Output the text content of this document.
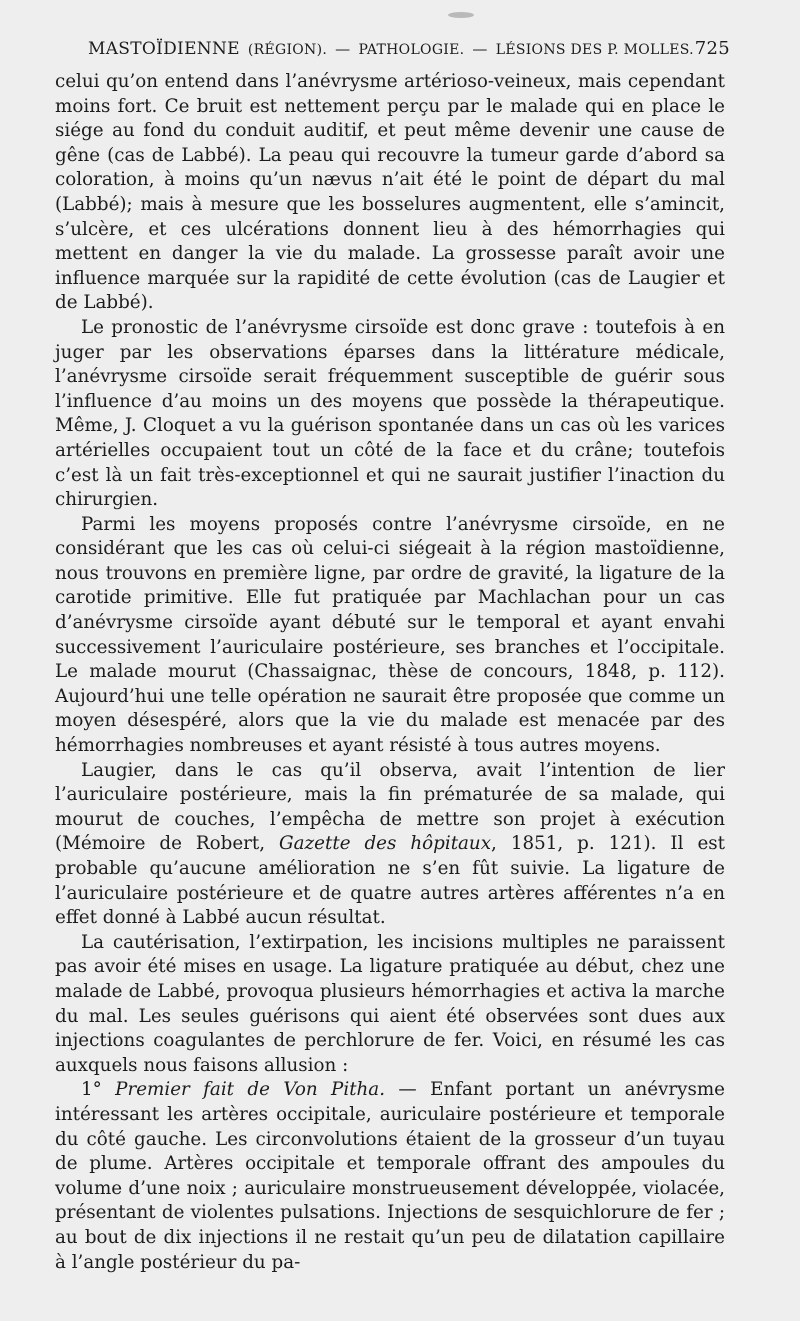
MASTOÏDIENNE (RÉGION). — PATHOLOGIE. — LÉSIONS DES P. MOLLES. 725

celui qu’on entend dans l’anévrysme artérioso-veineux, mais cependant moins fort. Ce bruit est nettement perçu par le malade qui en place le siége au fond du conduit auditif, et peut même devenir une cause de gêne (cas de Labbé). La peau qui recouvre la tumeur garde d’abord sa coloration, à moins qu’un nævus n’ait été le point de départ du mal (Labbé); mais à mesure que les bosselures augmentent, elle s’amincit, s’ulcère, et ces ulcérations donnent lieu à des hémorrhagies qui mettent en danger la vie du malade. La grossesse paraît avoir une influence marquée sur la rapidité de cette évolution (cas de Laugier et de Labbé).

Le pronostic de l’anévrysme cirsoïde est donc grave : toutefois à en juger par les observations éparses dans la littérature médicale, l’anévrysme cirsoïde serait fréquemment susceptible de guérir sous l’influence d’au moins un des moyens que possède la thérapeutique. Même, J. Cloquet a vu la guérison spontanée dans un cas où les varices artérielles occupaient tout un côté de la face et du crâne; toutefois c’est là un fait très-exceptionnel et qui ne saurait justifier l’inaction du chirurgien.

Parmi les moyens proposés contre l’anévrysme cirsoïde, en ne considérant que les cas où celui-ci siégeait à la région mastoïdienne, nous trouvons en première ligne, par ordre de gravité, la ligature de la carotide primitive. Elle fut pratiquée par Machlachan pour un cas d’anévrysme cirsoïde ayant débuté sur le temporal et ayant envahi successivement l’auriculaire postérieure, ses branches et l’occipitale. Le malade mourut (Chassaignac, thèse de concours, 1848, p. 112). Aujourd’hui une telle opération ne saurait être proposée que comme un moyen désespéré, alors que la vie du malade est menacée par des hémorrhagies nombreuses et ayant résisté à tous autres moyens.

Laugier, dans le cas qu’il observa, avait l’intention de lier l’auriculaire postérieure, mais la fin prématurée de sa malade, qui mourut de couches, l’empêcha de mettre son projet à exécution (Mémoire de Robert, Gazette des hôpitaux, 1851, p. 121). Il est probable qu’aucune amélioration ne s’en fût suivie. La ligature de l’auriculaire postérieure et de quatre autres artères afférentes n’a en effet donné à Labbé aucun résultat.

La cautérisation, l’extirpation, les incisions multiples ne paraissent pas avoir été mises en usage. La ligature pratiquée au début, chez une malade de Labbé, provoqua plusieurs hémorrhagies et activa la marche du mal. Les seules guérisons qui aient été observées sont dues aux injections coagulantes de perchlorure de fer. Voici, en résumé les cas auxquels nous faisons allusion :

1° Premier fait de Von Pitha. — Enfant portant un anévrysme intéressant les artères occipitale, auriculaire postérieure et temporale du côté gauche. Les circonvolutions étaient de la grosseur d’un tuyau de plume. Artères occipitale et temporale offrant des ampoules du volume d’une noix ; auriculaire monstrueusement développée, violacée, présentant de violentes pulsations. Injections de sesquichlorure de fer ; au bout de dix injections il ne restait qu’un peu de dilatation capillaire à l’angle postérieur du pa-
